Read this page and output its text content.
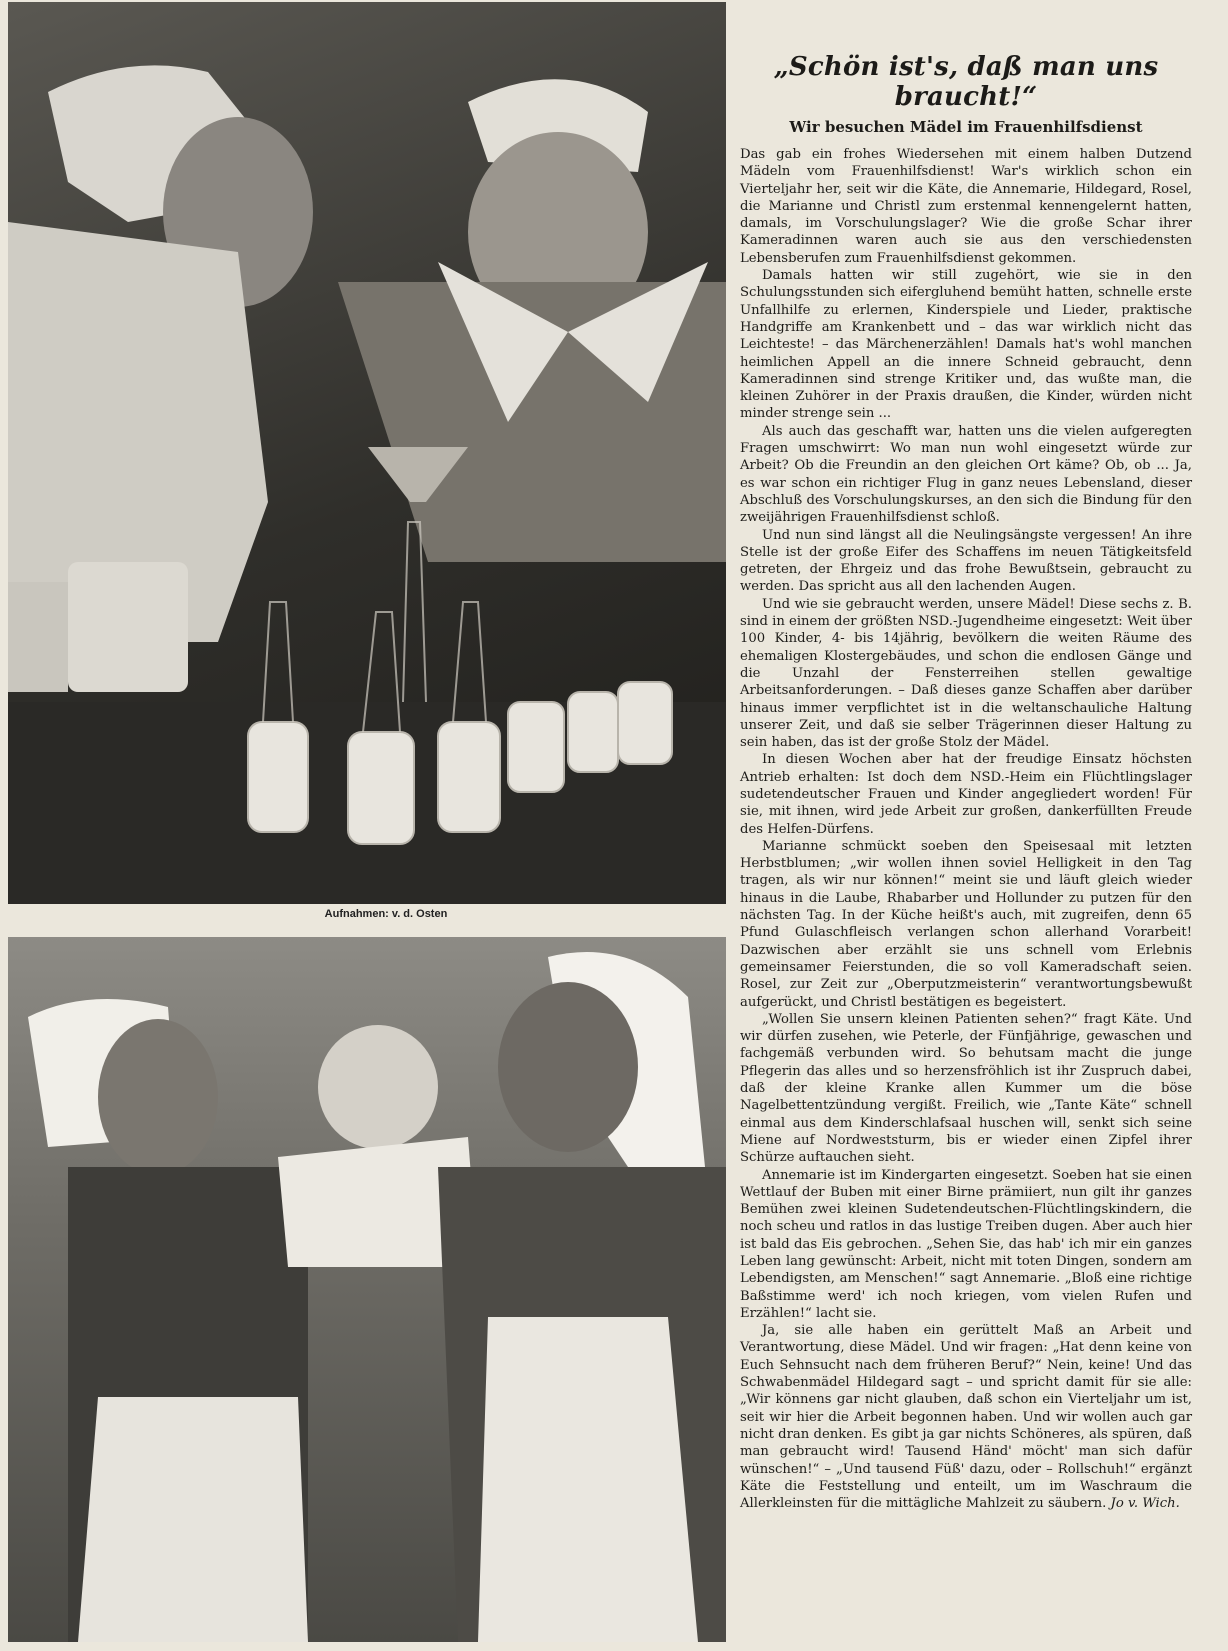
Aufnahmen: v. d. Osten
„Schön ist's, daß man uns braucht!“
Wir besuchen Mädel im Frauenhilfsdienst

Das gab ein frohes Wiedersehen mit einem halben Dutzend Mädeln vom Frauenhilfsdienst! War's wirklich schon ein Vierteljahr her, seit wir die Käte, die Annemarie, Hildegard, Rosel, die Marianne und Christl zum erstenmal kennengelernt hatten, damals, im Vorschulungslager? Wie die große Schar ihrer Kameradinnen waren auch sie aus den verschiedensten Lebensberufen zum Frauenhilfsdienst gekommen.

Damals hatten wir still zugehört, wie sie in den Schulungsstunden sich eifergluhend bemüht hatten, schnelle erste Unfallhilfe zu erlernen, Kinderspiele und Lieder, praktische Handgriffe am Krankenbett und – das war wirklich nicht das Leichteste! – das Märchenerzählen! Damals hat's wohl manchen heimlichen Appell an die innere Schneid gebraucht, denn Kameradinnen sind strenge Kritiker und, das wußte man, die kleinen Zuhörer in der Praxis draußen, die Kinder, würden nicht minder strenge sein ...

Als auch das geschafft war, hatten uns die vielen aufgeregten Fragen umschwirrt: Wo man nun wohl eingesetzt würde zur Arbeit? Ob die Freundin an den gleichen Ort käme? Ob, ob ... Ja, es war schon ein richtiger Flug in ganz neues Lebensland, dieser Abschluß des Vorschulungskurses, an den sich die Bindung für den zweijährigen Frauenhilfsdienst schloß.

Und nun sind längst all die Neulingsängste vergessen! An ihre Stelle ist der große Eifer des Schaffens im neuen Tätigkeitsfeld getreten, der Ehrgeiz und das frohe Bewußtsein, gebraucht zu werden. Das spricht aus all den lachenden Augen.

Und wie sie gebraucht werden, unsere Mädel! Diese sechs z. B. sind in einem der größten NSD.-Jugendheime eingesetzt: Weit über 100 Kinder, 4- bis 14jährig, bevölkern die weiten Räume des ehemaligen Klostergebäudes, und schon die endlosen Gänge und die Unzahl der Fensterreihen stellen gewaltige Arbeitsanforderungen. – Daß dieses ganze Schaffen aber darüber hinaus immer verpflichtet ist in die weltanschauliche Haltung unserer Zeit, und daß sie selber Trägerinnen dieser Haltung zu sein haben, das ist der große Stolz der Mädel.

In diesen Wochen aber hat der freudige Einsatz höchsten Antrieb erhalten: Ist doch dem NSD.-Heim ein Flüchtlingslager sudetendeutscher Frauen und Kinder angegliedert worden! Für sie, mit ihnen, wird jede Arbeit zur großen, dankerfüllten Freude des Helfen-Dürfens.

Marianne schmückt soeben den Speisesaal mit letzten Herbstblumen; „wir wollen ihnen soviel Helligkeit in den Tag tragen, als wir nur können!“ meint sie und läuft gleich wieder hinaus in die Laube, Rhabarber und Hollunder zu putzen für den nächsten Tag. In der Küche heißt's auch, mit zugreifen, denn 65 Pfund Gulaschfleisch verlangen schon allerhand Vorarbeit! Dazwischen aber erzählt sie uns schnell vom Erlebnis gemeinsamer Feierstunden, die so voll Kameradschaft seien. Rosel, zur Zeit zur „Oberputzmeisterin“ verantwortungsbewußt aufgerückt, und Christl bestätigen es begeistert.

„Wollen Sie unsern kleinen Patienten sehen?“ fragt Käte. Und wir dürfen zusehen, wie Peterle, der Fünfjährige, gewaschen und fachgemäß verbunden wird. So behutsam macht die junge Pflegerin das alles und so herzensfröhlich ist ihr Zuspruch dabei, daß der kleine Kranke allen Kummer um die böse Nagelbettentzündung vergißt. Freilich, wie „Tante Käte“ schnell einmal aus dem Kinderschlafsaal huschen will, senkt sich seine Miene auf Nordweststurm, bis er wieder einen Zipfel ihrer Schürze auftauchen sieht.

Annemarie ist im Kindergarten eingesetzt. Soeben hat sie einen Wettlauf der Buben mit einer Birne prämiiert, nun gilt ihr ganzes Bemühen zwei kleinen Sudetendeutschen-Flüchtlingskindern, die noch scheu und ratlos in das lustige Treiben dugen. Aber auch hier ist bald das Eis gebrochen. „Sehen Sie, das hab' ich mir ein ganzes Leben lang gewünscht: Arbeit, nicht mit toten Dingen, sondern am Lebendigsten, am Menschen!“ sagt Annemarie. „Bloß eine richtige Baßstimme werd' ich noch kriegen, vom vielen Rufen und Erzählen!“ lacht sie.

Ja, sie alle haben ein gerüttelt Maß an Arbeit und Verantwortung, diese Mädel. Und wir fragen: „Hat denn keine von Euch Sehnsucht nach dem früheren Beruf?“ Nein, keine! Und das Schwabenmädel Hildegard sagt – und spricht damit für sie alle: „Wir könnens gar nicht glauben, daß schon ein Vierteljahr um ist, seit wir hier die Arbeit begonnen haben. Und wir wollen auch gar nicht dran denken. Es gibt ja gar nichts Schöneres, als spüren, daß man gebraucht wird! Tausend Händ' möcht' man sich dafür wünschen!“ – „Und tausend Füß' dazu, oder – Rollschuh!“ ergänzt Käte die Feststellung und enteilt, um im Waschraum die Allerkleinsten für die mittägliche Mahlzeit zu säubern. Jo v. Wich.
